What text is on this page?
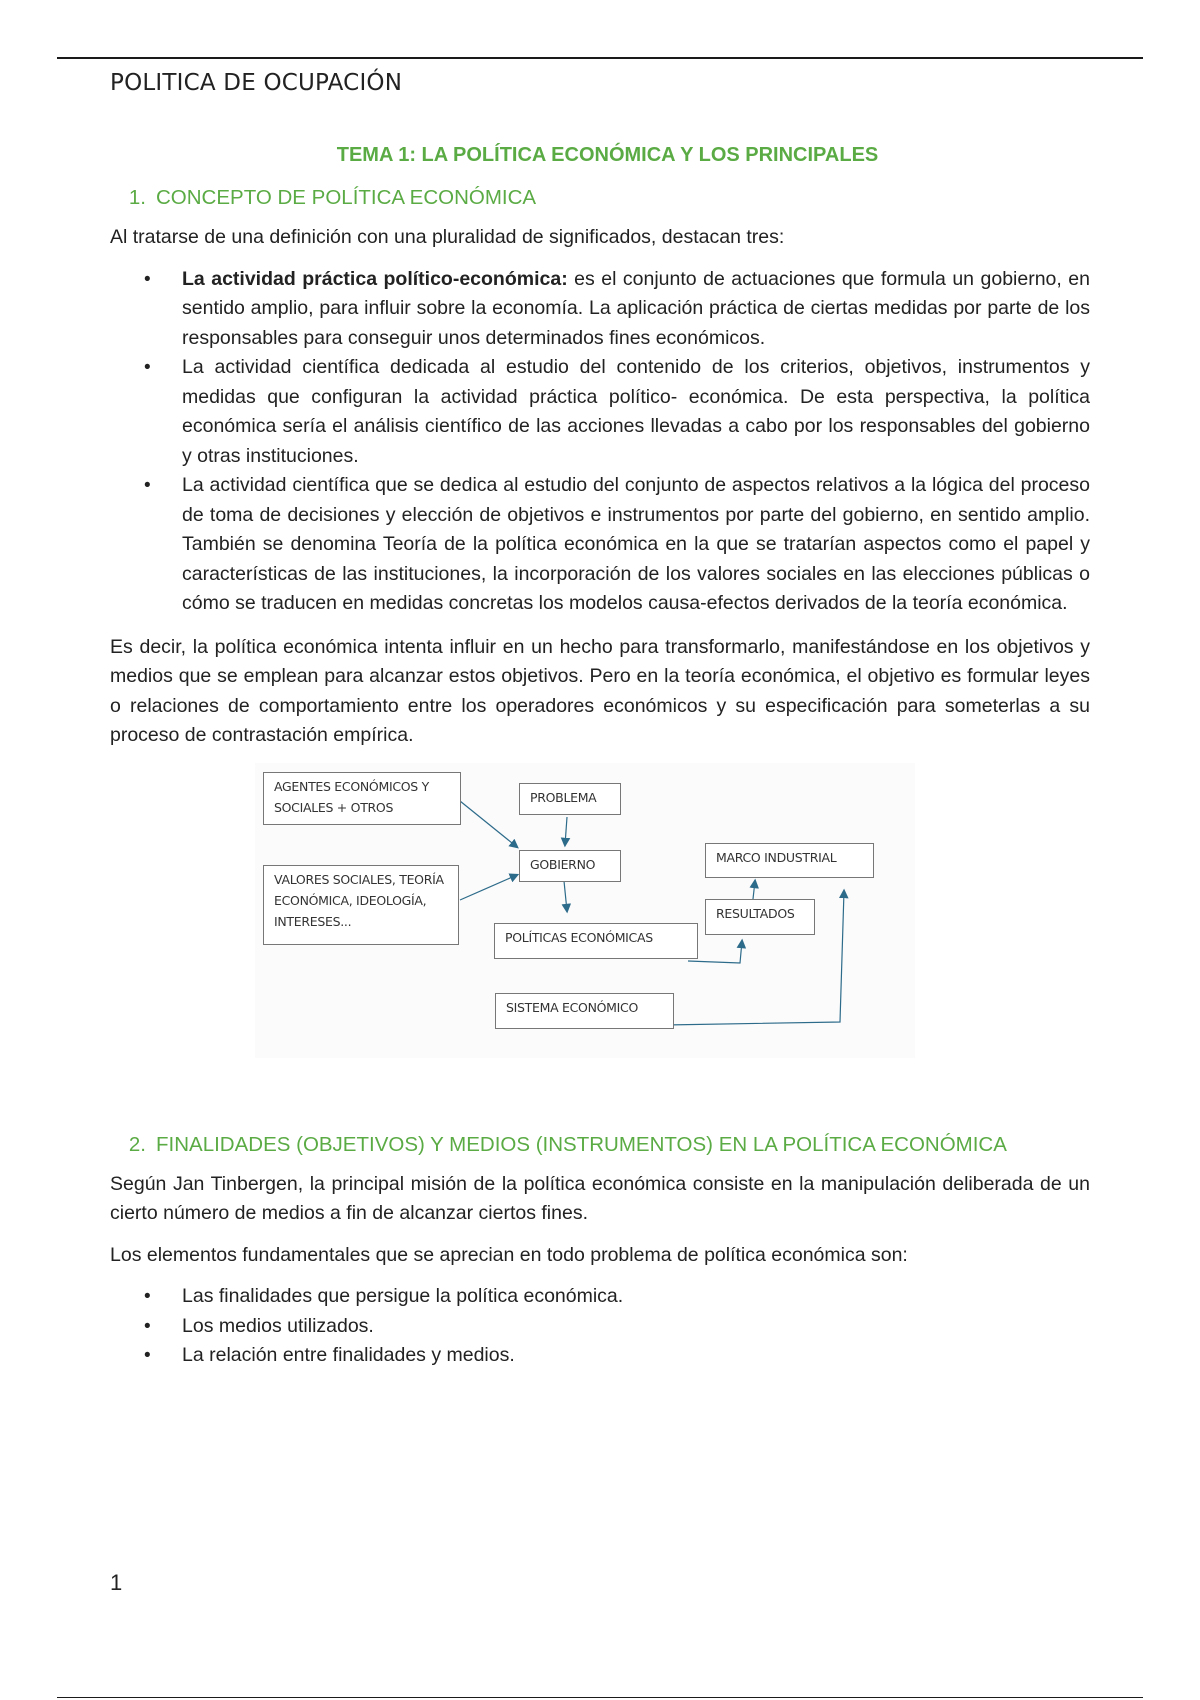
POLITICA DE OCUPACIÓN
TEMA 1: LA POLÍTICA ECONÓMICA Y LOS PRINCIPALES
1. CONCEPTO DE POLÍTICA ECONÓMICA

Al tratarse de una definición con una pluralidad de significados, destacan tres:

• La actividad práctica político-económica: es el conjunto de actuaciones que formula un gobierno, en sentido amplio, para influir sobre la economía. La aplicación práctica de ciertas medidas por parte de los responsables para conseguir unos determinados fines económicos.
• La actividad científica dedicada al estudio del contenido de los criterios, objetivos, instrumentos y medidas que configuran la actividad práctica político- económica. De esta perspectiva, la política económica sería el análisis científico de las acciones llevadas a cabo por los responsables del gobierno y otras instituciones.
• La actividad científica que se dedica al estudio del conjunto de aspectos relativos a la lógica del proceso de toma de decisiones y elección de objetivos e instrumentos por parte del gobierno, en sentido amplio. También se denomina Teoría de la política económica en la que se tratarían aspectos como el papel y características de las instituciones, la incorporación de los valores sociales en las elecciones públicas o cómo se traducen en medidas concretas los modelos causa-efectos derivados de la teoría económica.

Es decir, la política económica intenta influir en un hecho para transformarlo, manifestándose en los objetivos y medios que se emplean para alcanzar estos objetivos. Pero en la teoría económica, el objetivo es formular leyes o relaciones de comportamiento entre los operadores económicos y su especificación para someterlas a su proceso de contrastación empírica.

AGENTES ECONÓMICOS Y
SOCIALES + OTROS
VALORES SOCIALES, TEORÍA
ECONÓMICA, IDEOLOGÍA,
INTERESES...
PROBLEMA
GOBIERNO
POLÍTICAS ECONÓMICAS
SISTEMA ECONÓMICO
MARCO INDUSTRIAL
RESULTADOS
2. FINALIDADES (OBJETIVOS) Y MEDIOS (INSTRUMENTOS) EN LA POLÍTICA ECONÓMICA

Según Jan Tinbergen, la principal misión de la política económica consiste en la manipulación deliberada de un cierto número de medios a fin de alcanzar ciertos fines.

Los elementos fundamentales que se aprecian en todo problema de política económica son:

• Las finalidades que persigue la política económica.
• Los medios utilizados.
• La relación entre finalidades y medios.
1
